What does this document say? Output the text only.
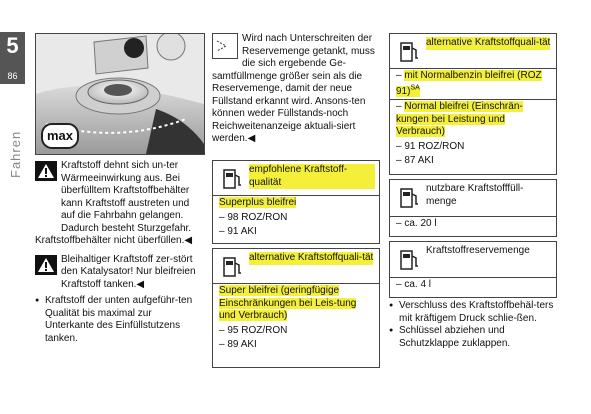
5
86
Fahren	max
Kraftstoff dehnt sich un-ter Wärmeeinwirkung aus. Bei überfülltem Kraftstoffbehälter kann Kraftstoff austreten und auf die Fahrbahn gelangen. Dadurch besteht Sturzgefahr.
Kraftstoffbehälter nicht überfüllen.◀
Bleihaltiger Kraftstoff zer-stört den Katalysator! Nur bleifreien Kraftstoff tanken.◀
● Kraftstoff der unten aufgeführ-ten Qualität bis maximal zur Unterkante des Einfüllstutzens tanken.
Wird nach Unterschreiten der Reservemenge getankt, muss die sich ergebende Ge-samtfüllmenge größer sein als die Reservemenge, damit der neue Füllstand erkannt wird. Ansons-ten können weder Füllstands-noch Reichweitenanzeige aktuali-siert werden.◀
empfohlene Kraftstoff-qualität
Superplus bleifrei
– 98 ROZ/RON
– 91 AKI
alternative Kraftstoffquali-tät
Super bleifrei (geringfügige Einschränkungen bei Leis-tung und Verbrauch)
– 95 ROZ/RON
– 89 AKI
alternative Kraftstoffquali-tät
– mit Normalbenzin bleifrei (ROZ 91)$^{SA}$
– Normal bleifrei (Einschrän-kungen bei Leistung und Verbrauch)
– 91 ROZ/RON
– 87 AKI
nutzbare Kraftstofffüll-menge
– ca. 20 l
Kraftstoffreservemenge
– ca. 4 l
● Verschluss des Kraftstoffbehäl-ters mit kräftigem Druck schlie-ßen.
● Schlüssel abziehen und Schutzklappe zuklappen.
